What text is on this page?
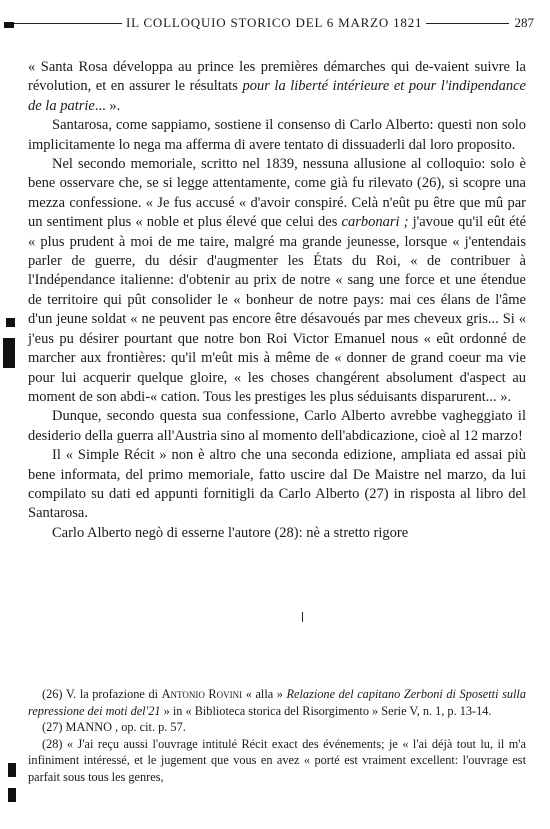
IL COLLOQUIO STORICO DEL 6 MARZO 1821	287

« Santa Rosa développa au prince les premières démarches qui de-vaient suivre la révolution, et en assurer le résultats pour la liberté intérieure et pour l'indipendance de la patrie... ».

Santarosa, come sappiamo, sostiene il consenso di Carlo Alberto: questi non solo implicitamente lo nega ma afferma di avere tentato di dissuaderli dal loro proposito.

Nel secondo memoriale, scritto nel 1839, nessuna allusione al colloquio: solo è bene osservare che, se si legge attentamente, come già fu rilevato (26), si scopre una mezza confessione. « Je fus accusé « d'avoir conspiré. Celà n'eût pu être que mû par un sentiment plus « noble et plus élevé que celui des carbonari ; j'avoue qu'il eût été « plus prudent à moi de me taire, malgré ma grande jeunesse, lorsque « j'entendais parler de guerre, du désir d'augmenter les États du Roi, « de contribuer à l'Indépendance italienne: d'obtenir au prix de notre « sang une force et une étendue de territoire qui pût consolider le « bonheur de notre pays: mai ces élans de l'âme d'un jeune soldat « ne peuvent pas encore être désavoués par mes cheveux gris... Si « j'eus pu désirer pourtant que notre bon Roi Victor Emanuel nous « eût ordonné de marcher aux frontières: qu'il m'eût mis à même de « donner de grand coeur ma vie pour lui acquerir quelque gloire, « les choses changérent absolument d'aspect au moment de son abdi-« cation. Tous les prestiges les plus séduisants disparurent... ».

Dunque, secondo questa sua confessione, Carlo Alberto avrebbe vagheggiato il desiderio della guerra all'Austria sino al momento dell'abdicazione, cioè al 12 marzo!

Il « Simple Récit » non è altro che una seconda edizione, ampliata ed assai più bene informata, del primo memoriale, fatto uscire dal De Maistre nel marzo, da lui compilato su dati ed appunti fornitigli da Carlo Alberto (27) in risposta al libro del Santarosa.

Carlo Alberto negò di esserne l'autore (28): nè a stretto rigore

(26) V. la profazione di Antonio Rovini « alla » Relazione del capitano Zerboni di Sposetti sulla repressione dei moti del'21 » in « Biblioteca storica del Risorgimento » Serie V, n. 1, p. 13-14.

(27) MANNO , op. cit. p. 57.

(28) « J'ai reçu aussi l'ouvrage intitulé Récit exact des événements; je « l'ai déjà tout lu, il m'a infiniment intéressé, et le jugement que vous en avez « porté est vraiment excellent: l'ouvrage est parfait sous tous les genres,
